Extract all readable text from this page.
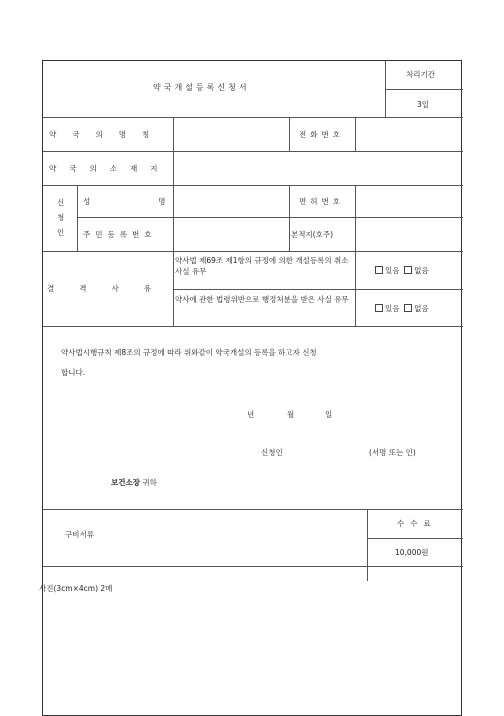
약국개설등록신청서
처리기간
3일
약국의명칭	전화번호
약국의소재지
신
청
인
성명	면허번호
주민등록번호	본적지(호주)
결격사유
약사법 제69조 제1항의 규정에 의한 개설등록의 취소사실 유무	있음 없음
약사에 관한 법령위반으로 행정처분을 받은 사실 유무
있음 없음
약사법시행규칙 제8조의 규정에 따라 위와같이 약국개설의 등록을 하고자 신청
합니다.
년	월	일
신청인	(서명 또는 인)
보건소장 귀하
구비서류
사진(3cm×4cm) 2매
수수료
10,000원
